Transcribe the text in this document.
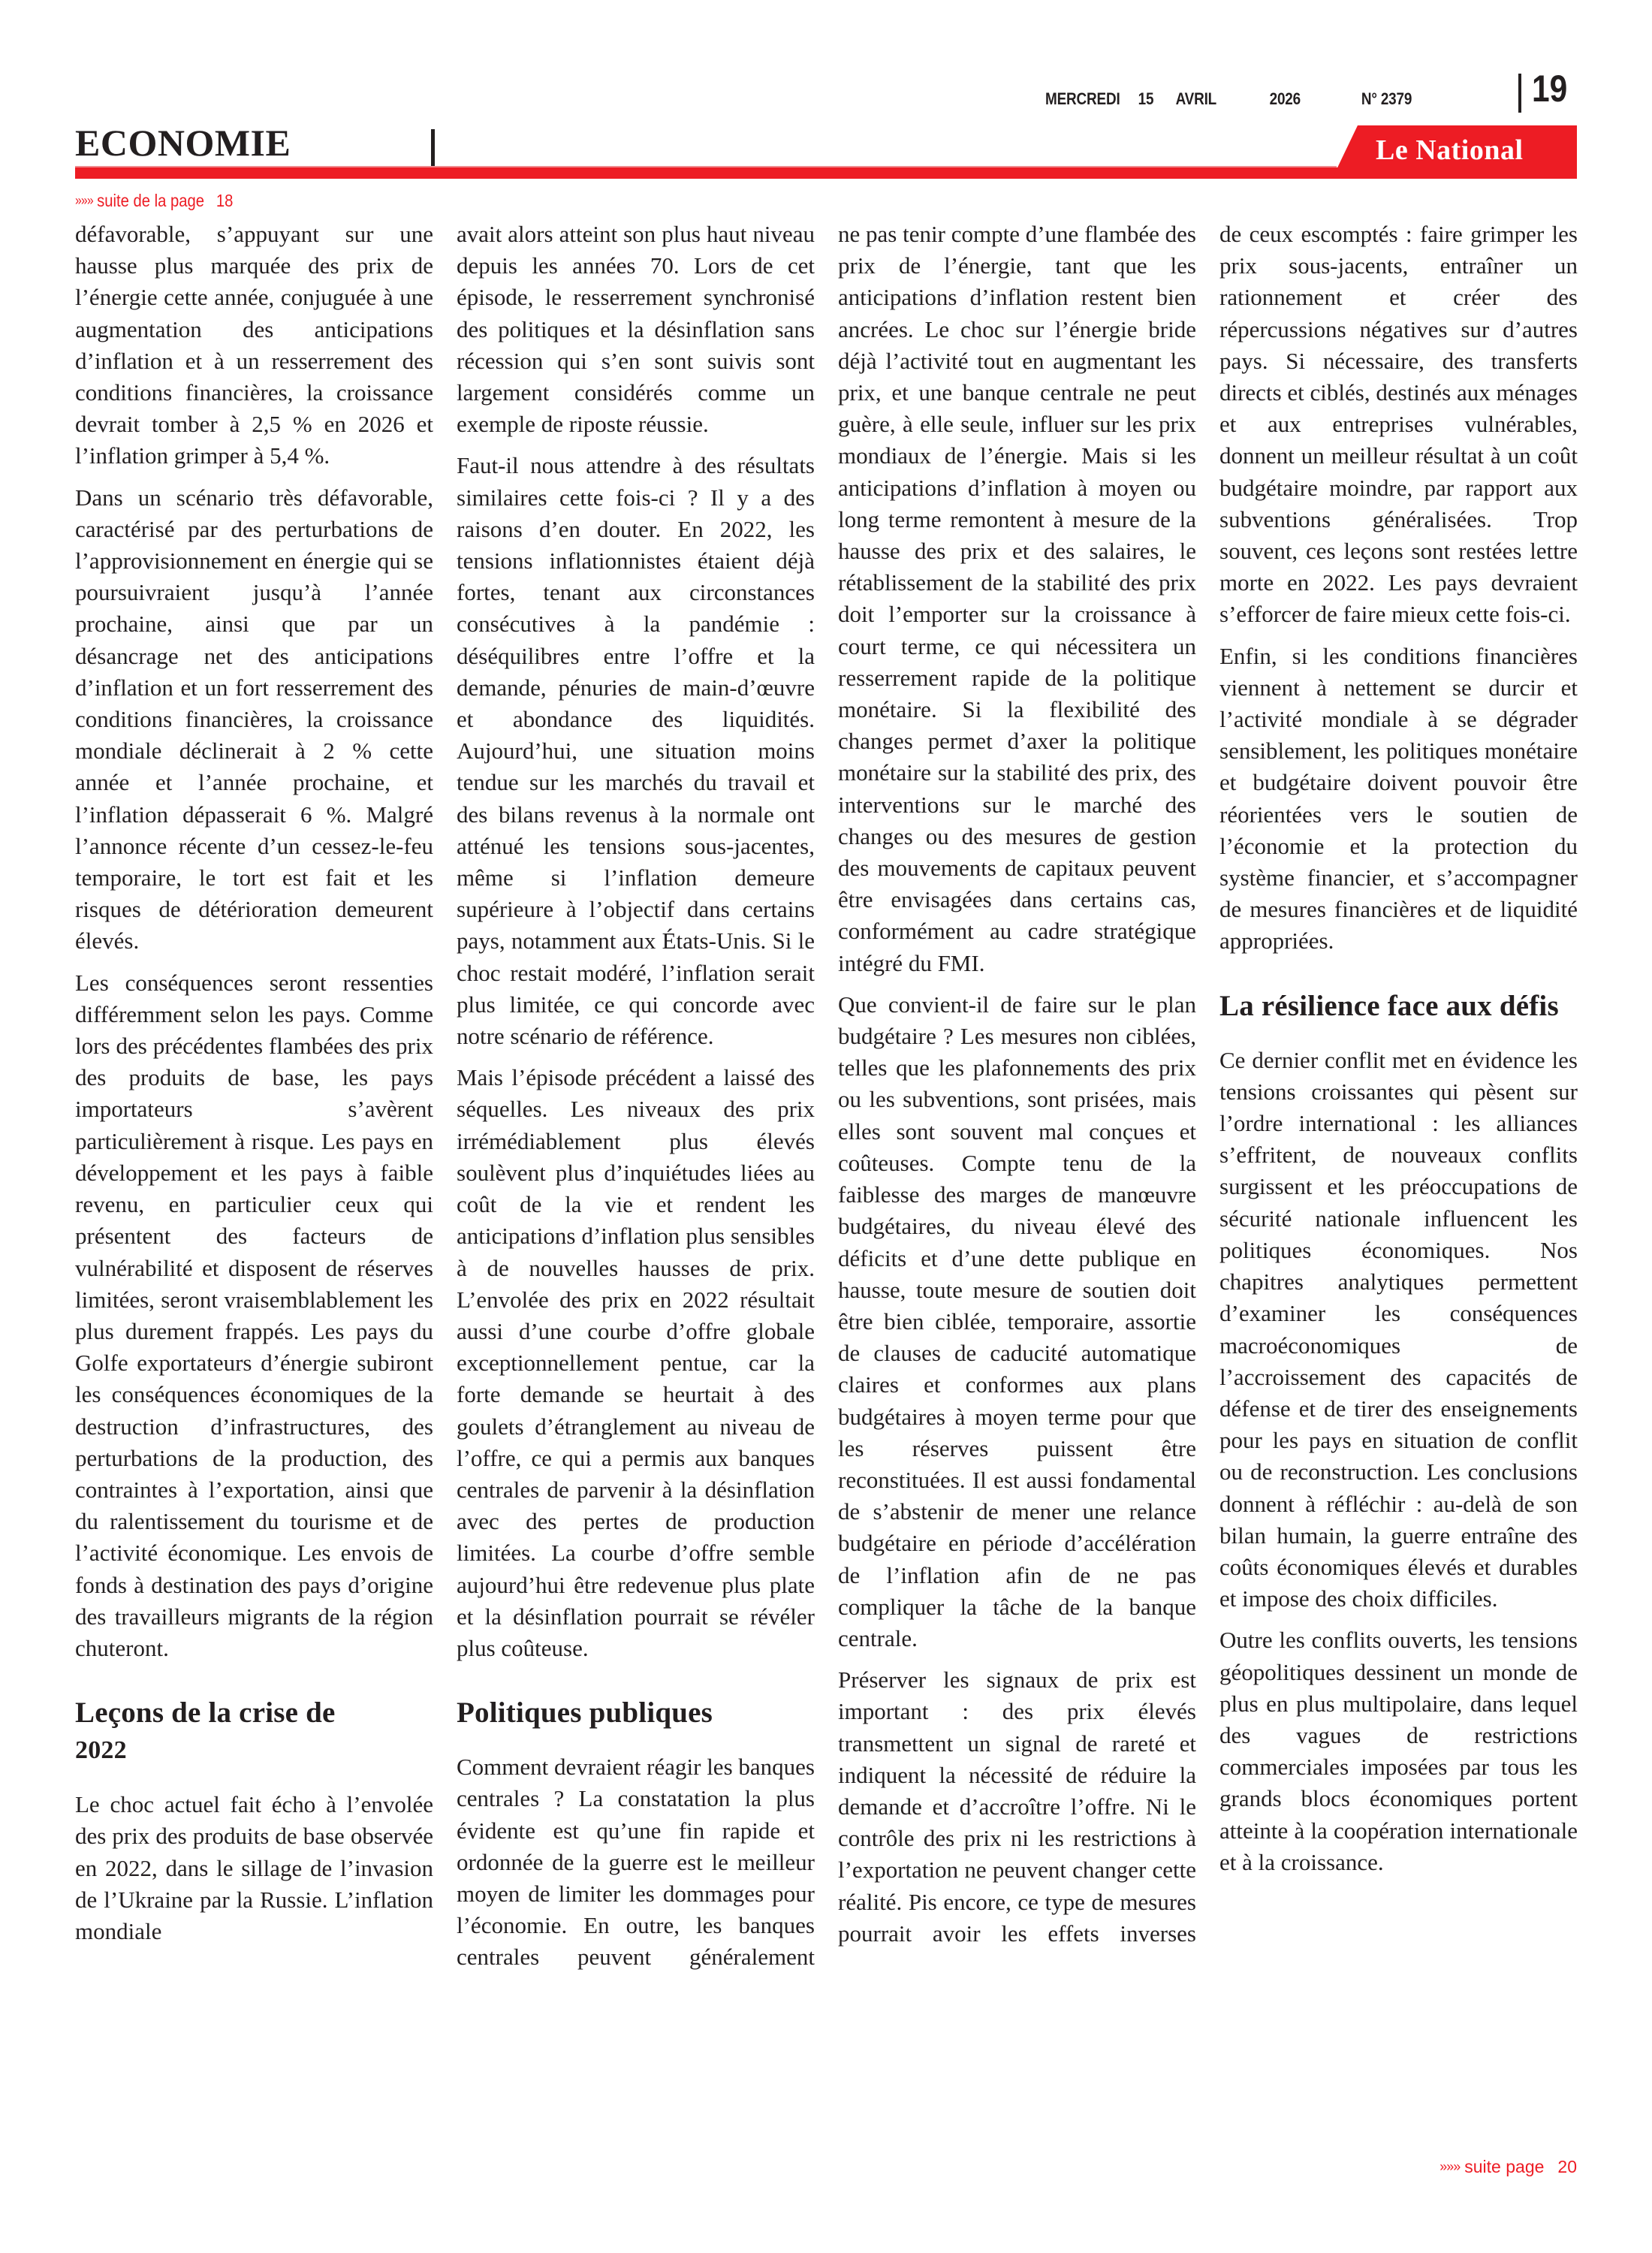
MERCREDI 15 AVRIL	2026	N° 2379	19
ECONOMIE	Le National
»»» suite de la page 18

défavorable, s’appuyant sur une hausse plus marquée des prix de l’énergie cette année, conjuguée à une augmentation des anticipations d’inflation et à un resserrement des conditions financières, la croissance devrait tomber à 2,5 % en 2026 et l’inflation grimper à 5,4 %.

Dans un scénario très défavorable, caractérisé par des perturbations de l’approvisionnement en énergie qui se poursuivraient jusqu’à l’année prochaine, ainsi que par un désancrage net des anticipations d’inflation et un fort resserrement des conditions financières, la croissance mondiale déclinerait à 2 % cette année et l’année prochaine, et l’inflation dépasserait 6 %. Malgré l’annonce récente d’un cessez-le-feu temporaire, le tort est fait et les risques de détérioration demeurent élevés.

Les conséquences seront ressenties différemment selon les pays. Comme lors des précédentes flambées des prix des produits de base, les pays importateurs s’avèrent particulièrement à risque. Les pays en développement et les pays à faible revenu, en particulier ceux qui présentent des facteurs de vulnérabilité et disposent de réserves limitées, seront vraisemblablement les plus durement frappés. Les pays du Golfe exportateurs d’énergie subiront les conséquences économiques de la destruction d’infrastructures, des perturbations de la production, des contraintes à l’exportation, ainsi que du ralentissement du tourisme et de l’activité économique. Les envois de fonds à destination des pays d’origine des travailleurs migrants de la région chuteront.

Leçons de la crise de
2022

Le choc actuel fait écho à l’envolée des prix des produits de base observée en 2022, dans le sillage de l’invasion de l’Ukraine par la Russie. L’inflation mondiale

avait alors atteint son plus haut niveau depuis les années 70. Lors de cet épisode, le resserrement synchronisé des politiques et la désinflation sans récession qui s’en sont suivis sont largement considérés comme un exemple de riposte réussie.

Faut-il nous attendre à des résultats similaires cette fois-ci ? Il y a des raisons d’en douter. En 2022, les tensions inflationnistes étaient déjà fortes, tenant aux circonstances consécutives à la pandémie : déséquilibres entre l’offre et la demande, pénuries de main-d’œuvre et abondance des liquidités. Aujourd’hui, une situation moins tendue sur les marchés du travail et des bilans revenus à la normale ont atténué les tensions sous-jacentes, même si l’inflation demeure supérieure à l’objectif dans certains pays, notamment aux États-Unis. Si le choc restait modéré, l’inflation serait plus limitée, ce qui concorde avec notre scénario de référence.

Mais l’épisode précédent a laissé des séquelles. Les niveaux des prix irrémédiablement plus élevés soulèvent plus d’inquiétudes liées au coût de la vie et rendent les anticipations d’inflation plus sensibles à de nouvelles hausses de prix. L’envolée des prix en 2022 résultait aussi d’une courbe d’offre globale exceptionnellement pentue, car la forte demande se heurtait à des goulets d’étranglement au niveau de l’offre, ce qui a permis aux banques centrales de parvenir à la désinflation avec des pertes de production limitées. La courbe d’offre semble aujourd’hui être redevenue plus plate et la désinflation pourrait se révéler plus coûteuse.

Politiques publiques

Comment devraient réagir les banques centrales ? La constatation la plus évidente est qu’une fin rapide et ordonnée de la guerre est le meilleur moyen de limiter les dommages pour l’économie. En outre, les banques centrales peuvent généralement

ne pas tenir compte d’une flambée des prix de l’énergie, tant que les anticipations d’inflation restent bien ancrées. Le choc sur l’énergie bride déjà l’activité tout en augmentant les prix, et une banque centrale ne peut guère, à elle seule, influer sur les prix mondiaux de l’énergie. Mais si les anticipations d’inflation à moyen ou long terme remontent à mesure de la hausse des prix et des salaires, le rétablissement de la stabilité des prix doit l’emporter sur la croissance à court terme, ce qui nécessitera un resserrement rapide de la politique monétaire. Si la flexibilité des changes permet d’axer la politique monétaire sur la stabilité des prix, des interventions sur le marché des changes ou des mesures de gestion des mouvements de capitaux peuvent être envisagées dans certains cas, conformément au cadre stratégique intégré du FMI.

Que convient-il de faire sur le plan budgétaire ? Les mesures non ciblées, telles que les plafonnements des prix ou les subventions, sont prisées, mais elles sont souvent mal conçues et coûteuses. Compte tenu de la faiblesse des marges de manœuvre budgétaires, du niveau élevé des déficits et d’une dette publique en hausse, toute mesure de soutien doit être bien ciblée, temporaire, assortie de clauses de caducité automatique claires et conformes aux plans budgétaires à moyen terme pour que les réserves puissent être reconstituées. Il est aussi fondamental de s’abstenir de mener une relance budgétaire en période d’accélération de l’inflation afin de ne pas compliquer la tâche de la banque centrale.

Préserver les signaux de prix est important : des prix élevés transmettent un signal de rareté et indiquent la nécessité de réduire la demande et d’accroître l’offre. Ni le contrôle des prix ni les restrictions à l’exportation ne peuvent changer cette réalité. Pis encore, ce type de mesures pourrait avoir les effets inverses

de ceux escomptés : faire grimper les prix sous-jacents, entraîner un rationnement et créer des répercussions négatives sur d’autres pays. Si nécessaire, des transferts directs et ciblés, destinés aux ménages et aux entreprises vulnérables, donnent un meilleur résultat à un coût budgétaire moindre, par rapport aux subventions généralisées. Trop souvent, ces leçons sont restées lettre morte en 2022. Les pays devraient s’efforcer de faire mieux cette fois-ci.

Enfin, si les conditions financières viennent à nettement se durcir et l’activité mondiale à se dégrader sensiblement, les politiques monétaire et budgétaire doivent pouvoir être réorientées vers le soutien de l’économie et la protection du système financier, et s’accompagner de mesures financières et de liquidité appropriées.

La résilience face aux défis

Ce dernier conflit met en évidence les tensions croissantes qui pèsent sur l’ordre international : les alliances s’effritent, de nouveaux conflits surgissent et les préoccupations de sécurité nationale influencent les politiques économiques. Nos chapitres analytiques permettent d’examiner les conséquences macroéconomiques de l’accroissement des capacités de défense et de tirer des enseignements pour les pays en situation de conflit ou de reconstruction. Les conclusions donnent à réfléchir : au-delà de son bilan humain, la guerre entraîne des coûts économiques élevés et durables et impose des choix difficiles.

Outre les conflits ouverts, les tensions géopolitiques dessinent un monde de plus en plus multipolaire, dans lequel des vagues de restrictions commerciales imposées par tous les grands blocs économiques portent atteinte à la coopération internationale et à la croissance.

»»» suite page 20
